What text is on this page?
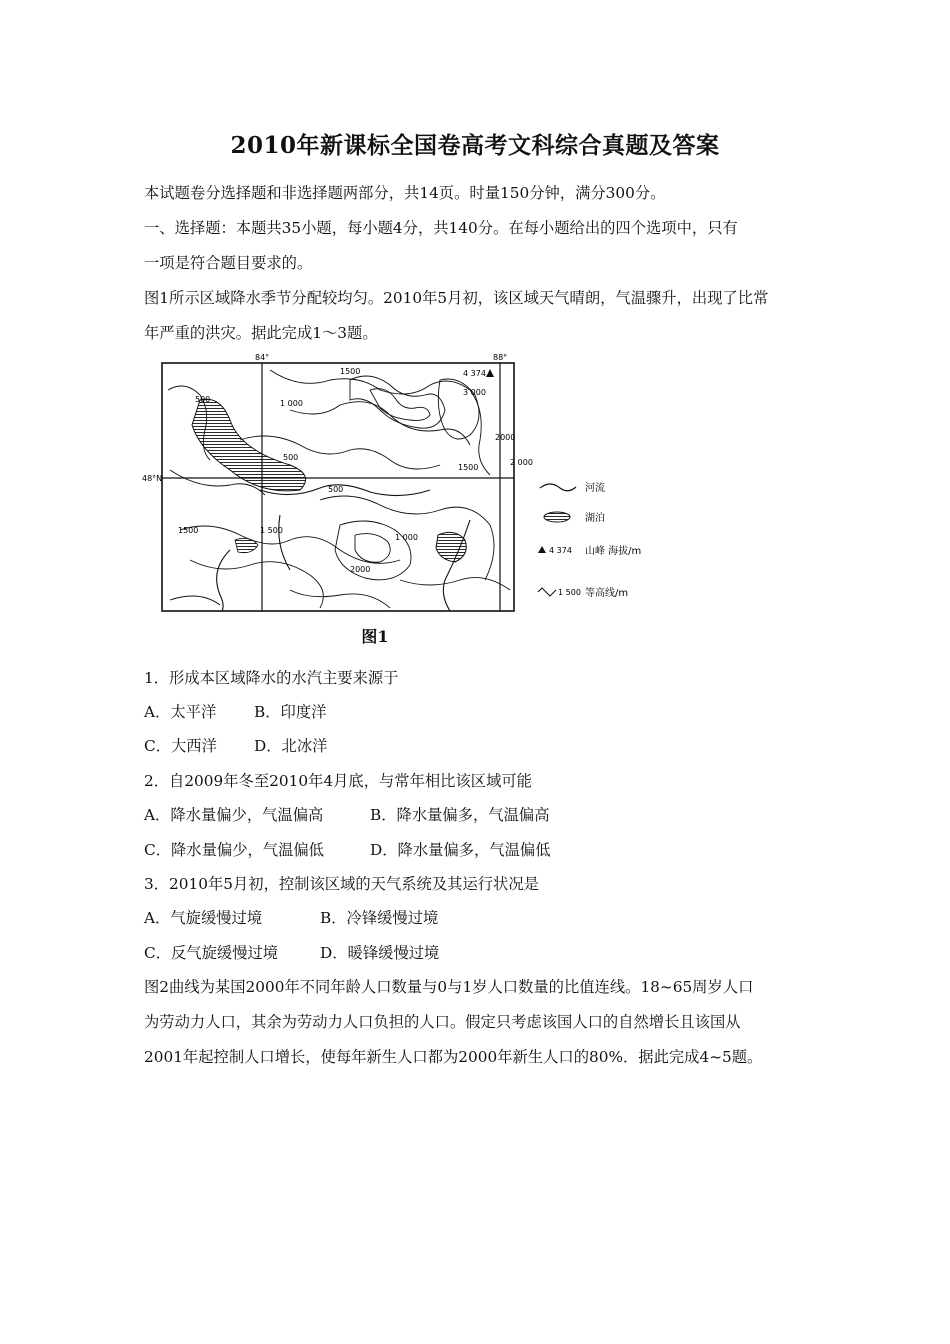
2010年新课标全国卷高考文科综合真题及答案
本试题卷分选择题和非选择题两部分，共14页。时量150分钟，满分300分。
一、选择题：本题共35小题，每小题4分，共140分。在每小题给出的四个选项中，只有
一项是符合题目要求的。
图1所示区域降水季节分配较均匀。2010年5月初，该区域天气晴朗，气温骤升，出现了比常
年严重的洪灾。据此完成1～3题。
84°	88°
48°N
4 374
500	1 000
1500
2 000
3 000
500
1 000
2000
1500
1 500
1500
500
2000
河流
湖泊
4 374 山峰 海拔/m
1 500 等高线/m
图1
1．形成本区域降水的水汽主要来源于
A．太平洋 B．印度洋
C．大西洋 D．北冰洋
2．自2009年冬至2010年4月底，与常年相比该区域可能
A．降水量偏少，气温偏高	B．降水量偏多，气温偏高
C．降水量偏少，气温偏低	D．降水量偏多，气温偏低
3．2010年5月初，控制该区域的天气系统及其运行状况是
A．气旋缓慢过境	B．冷锋缓慢过境
C．反气旋缓慢过境	D．暖锋缓慢过境
图2曲线为某国2000年不同年龄人口数量与0与1岁人口数量的比值连线。18~65周岁人口
为劳动力人口，其余为劳动力人口负担的人口。假定只考虑该国人口的自然增长且该国从
2001年起控制人口增长，使每年新生人口都为2000年新生人口的80%．据此完成4~5题。
